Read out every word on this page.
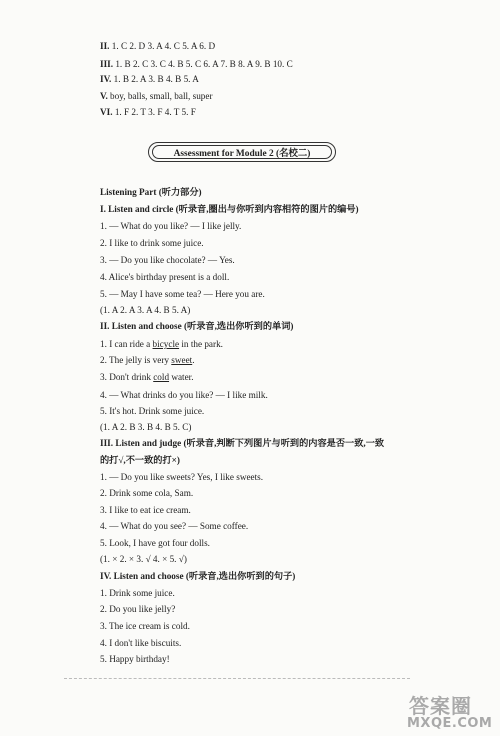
II. 1. C 2. D 3. A 4. C 5. A 6. D
III. 1. B 2. C 3. C 4. B 5. C 6. A 7. B 8. A 9. B 10. C
IV. 1. B 2. A 3. B 4. B 5. A
V. boy, balls, small, ball, super
VI. 1. F 2. T 3. F 4. T 5. F
Assessment for Module 2 (名校二)
Listening Part (听力部分)
I. Listen and circle (听录音,圈出与你听到内容相符的图片的编号)
1. — What do you like? — I like jelly.
2. I like to drink some juice.
3. — Do you like chocolate? — Yes.
4. Alice's birthday present is a doll.
5. — May I have some tea? — Here you are.
(1. A 2. A 3. A 4. B 5. A)
II. Listen and choose (听录音,选出你听到的单词)
1. I can ride a bicycle in the park.
2. The jelly is very sweet.
3. Don't drink cold water.
4. — What drinks do you like? — I like milk.
5. It's hot. Drink some juice.
(1. A 2. B 3. B 4. B 5. C)
III. Listen and judge (听录音,判断下列图片与听到的内容是否一致,一致
的打√,不一致的打×)
1. — Do you like sweets? Yes, I like sweets.
2. Drink some cola, Sam.
3. I like to eat ice cream.
4. — What do you see? — Some coffee.
5. Look, I have got four dolls.
(1. × 2. × 3. √ 4. × 5. √)
IV. Listen and choose (听录音,选出你听到的句子)
1. Drink some juice.
2. Do you like jelly?
3. The ice cream is cold.
4. I don't like biscuits.
5. Happy birthday!
答案圈
MXQE.COM
